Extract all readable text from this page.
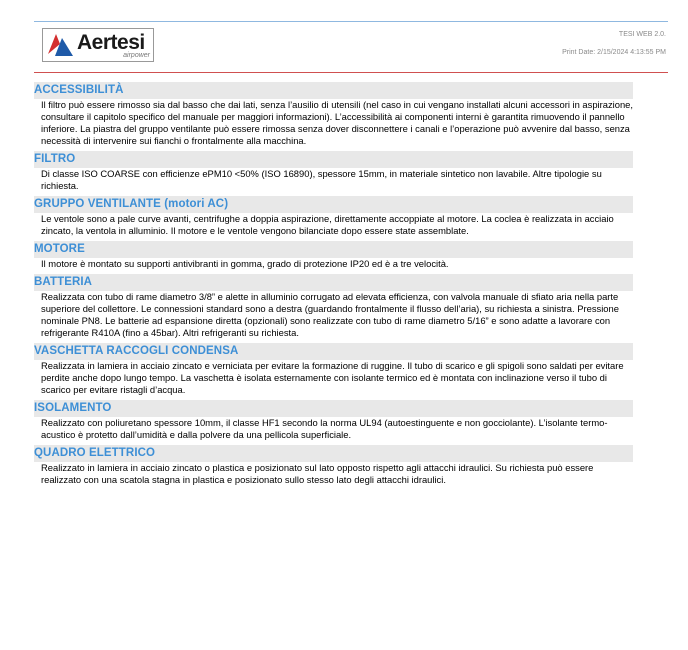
Aertesi
airpower
TESI WEB 2.0.
Print Date: 2/15/2024 4:13:55 PM
ACCESSIBILITÀ
Il filtro può essere rimosso sia dal basso che dai lati, senza l’ausilio di utensili (nel caso in cui vengano installati alcuni accessori in aspirazione, consultare il capitolo specifico del manuale per maggiori informazioni). L’accessibilità ai componenti interni è garantita rimuovendo il pannello inferiore. La piastra del gruppo ventilante può essere rimossa senza dover disconnettere i canali e l’operazione può avvenire dal basso, senza necessità di intervenire sui fianchi o frontalmente alla macchina.
FILTRO
Di classe ISO COARSE con efficienze ePM10 <50% (ISO 16890), spessore 15mm, in materiale sintetico non lavabile. Altre tipologie su richiesta.
GRUPPO VENTILANTE (motori AC)
Le ventole sono a pale curve avanti, centrifughe a doppia aspirazione, direttamente accoppiate al motore. La coclea è realizzata in acciaio zincato, la ventola in alluminio. Il motore e le ventole vengono bilanciate dopo essere state assemblate.
MOTORE
Il motore è montato su supporti antivibranti in gomma, grado di protezione IP20 ed è a tre velocità.
BATTERIA
Realizzata con tubo di rame diametro 3/8” e alette in alluminio corrugato ad elevata efficienza, con valvola manuale di sfiato aria nella parte superiore del collettore. Le connessioni standard sono a destra (guardando frontalmente il flusso dell’aria), su richiesta a sinistra. Pressione nominale PN8. Le batterie ad espansione diretta (opzionali) sono realizzate con tubo di rame diametro 5/16” e sono adatte a lavorare con refrigerante R410A (fino a 45bar). Altri refrigeranti su richiesta.
VASCHETTA RACCOGLI CONDENSA
Realizzata in lamiera in acciaio zincato e verniciata per evitare la formazione di ruggine. Il tubo di scarico e gli spigoli sono saldati per evitare perdite anche dopo lungo tempo. La vaschetta è isolata esternamente con isolante termico ed è montata con inclinazione verso il tubo di scarico per evitare ristagli d’acqua.
ISOLAMENTO
Realizzato con poliuretano spessore 10mm, il classe HF1 secondo la norma UL94 (autoestinguente e non gocciolante). L’isolante termo-acustico è protetto dall’umidità e dalla polvere da una pellicola superficiale.
QUADRO ELETTRICO
Realizzato in lamiera in acciaio zincato o plastica e posizionato sul lato opposto rispetto agli attacchi idraulici. Su richiesta può essere realizzato con una scatola stagna in plastica e posizionato sullo stesso lato degli attacchi idraulici.
